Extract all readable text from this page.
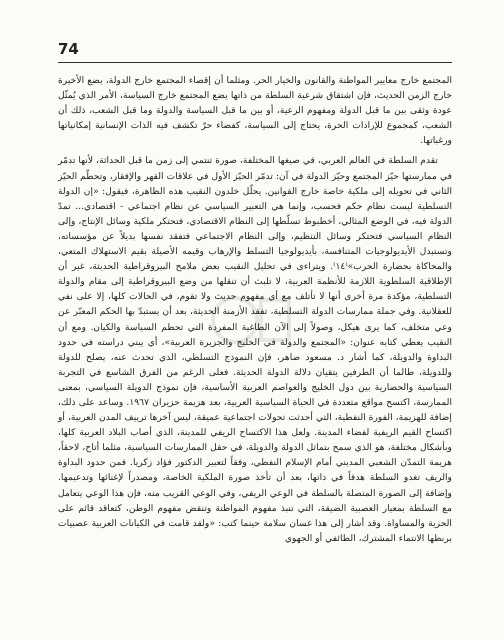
74

المجتمع خارج معايير المواطنة والقانون والخيار الحر. ومثلما أن إقصاء المجتمع خارج الدولة، يضع الأخيرة خارج الزمن الحديث، فإن اشتقاق شرعية السلطة من ذاتها يضع المجتمع خارج السياسة، الأمر الذي يُمثّل عودة وثقى بين ما قبل الدولة ومفهوم الرعية، أو بين ما قبل السياسة والدولة وما قبل الشعب، ذلك أن الشعب، كمجموع للإرادات الحرة، يحتاج إلى السياسة، كفضاء حرّ تكشف فيه الذات الإنسانية إمكانياتها ورغباتها.

تقدم السلطة في العالم العربي، في صيغها المختلفة، صورة تنتمي إلى زمن ما قبل الحداثة، لأنها تدمّر في ممارستها حيّز المجتمع وحيّز الدولة في آن: تدمّر الحيّز الأول في علاقات القهر والإفقار، وتحطّم الحيّز الثاني في تحويله إلى ملكية خاصة خارج القوانين. يحلّل خلدون النقيب هذه الظاهرة، فيقول: «إن الدولة التسلطية ليست نظام حكم فحسب، وإنما هي التعبير السياسي عن نظام اجتماعي - اقتصادي... تمدّ الدولة فيه، في الوضع المثالي، أخطبوط تسلّطها إلى النظام الاقتصادي، فتحتكر ملكية وسائل الإنتاج، وإلى النظام السياسي فتحتكر وسائل التنظيم، وإلى النظام الاجتماعي فتفقد نفسها بديلاً عن مؤسساته، وتستبدل الأيديولوجيات المتنافسة، بأيديولوجيا التسلط والإرهاب وقيمه الأصيلة بقيم الاستهلاك المتعي، والمحاكاة بحضارة الحرب»⁽١٤⁾. ويتراءى في تحليل النقيب بعض ملامح البيروقراطية الحديثة، غير أن الإطلاقية السلطوية اللازمة للأنظمة العربية، لا تلبث أن تنقلها من وضع البيروقراطية إلى مقام والدولة التسلطية، مؤكدة مرة أخرى أنها لا تأتلف مع أي مفهوم حديث ولا تقوم، في الحالات كلها، إلا على نفي للعقلانية. وفي جملة ممارسات الدولة التسلطية، تفقد الأزمنة الحديثة، بعد أن يستبدّ بها الحكم المعبّر عن وعي متخلف، كما يرى هيكل، وصولاً إلى الآن الطاغية المفردة التي تحطم السياسة والكيان. ومع أن النقيب يعطي كتابه عنوان: «المجتمع والدولة في الخليج والجزيرة العربية»، أي يبني دراسته في حدود البداوة والدويلة، كما أشار د. مسعود ضاهر، فإن النموذج التسلطي، الذي تحدث عنه، يصلح للدولة وللدويلة، طالما أن الطرفين يتقيان دلالة الدولة الحديثة. فعلى الرغم من الفرق الشاسع في التجربة السياسية والحضارية بين دول الخليج والعواصم العربية الأساسية، فإن نموذج الدويلة السياسي، بمعنى الممارسة، اكتسح مواقع متعددة في الحياة السياسية العربية، بعد هزيمة حزيران ١٩٦٧. وساعد على ذلك، إضافة للهزيمة، الفورة النفطية، التي أحدثت تحولات اجتماعية عميقة، ليس آخرها ترييف المدن العربية، أو اكتساح القيم الريفية لفضاء المدينة. ولعل هذا الاكتساح الريفي للمدينة، الذي أصاب البلاد العربية كلها، وبأشكال مختلفة، هو الذي سمح بتماثل الدولة والدويلة، في حقل الممارسات السياسية، مثلما أتاح، لاحقاً، هزيمة التمدّن الشعبي المديني أمام الإسلام النفطي، وفقاً لتعبير الدكتور فؤاد زكريا. فمن حدود البداوة والريف تغدو السلطة هدفاً في ذاتها، بعد أن تأخذ صورة الملكية الخاصة، ومصدراً لإغنائها وتدعيمها. وإضافة إلى الصورة المتصلة بالسلطة في الوعي الريفي، وفي الوعي القريب منه، فإن هذا الوعي يتعامل مع السلطة بمعيار العصبية الضيقة، التي تنبذ مفهوم المواطنة وتنقض مفهوم الوطن، كتعاقد قائم على الحرية والمساواة. وقد أشار إلى هذا غسان سلامة حينما كتب: «ولقد قامت في الكيانات العربية عصبيات بربطها الانتماء المشترك، الطائفي أو الجهوي
